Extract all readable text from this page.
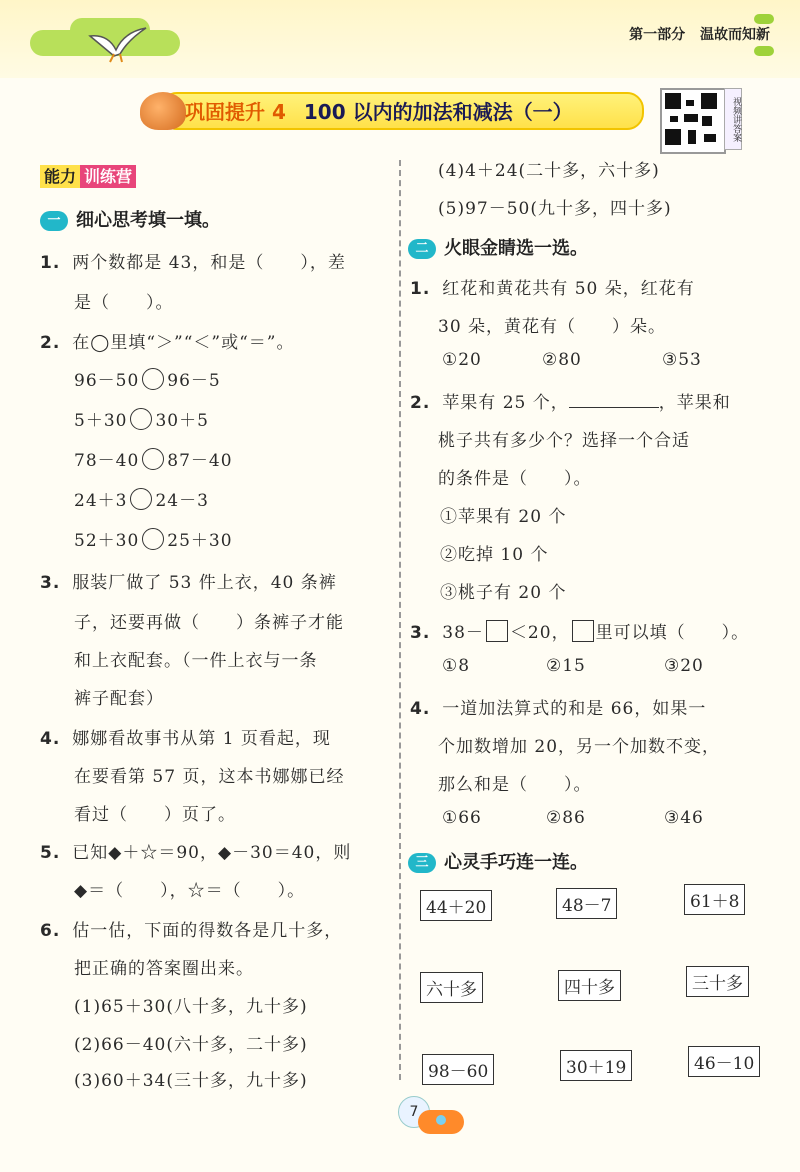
第一部分 温故而知新
巩固提升 4 100 以内的加法和减法（一）	视频讲答案
能力 训练营
一 细心思考填一填。
1. 两个数都是 43，和是（　　），差
是（　　）。
2. 在◯里填“＞”“＜”或“＝”。
96－50 96－5
5＋30 30＋5
78－40 87－40
24＋3 24－3
52＋30 25＋30
3. 服装厂做了 53 件上衣，40 条裤
子，还要再做（　　）条裤子才能
和上衣配套。（一件上衣与一条
裤子配套）
4. 娜娜看故事书从第 1 页看起，现
在要看第 57 页，这本书娜娜已经
看过（　　）页了。
5. 已知◆＋☆＝90，◆－30＝40，则
◆＝（　　），☆＝（　　）。
6. 估一估，下面的得数各是几十多，
把正确的答案圈出来。
(1)65＋30(八十多，九十多)
(2)66－40(六十多，二十多)
(3)60＋34(三十多，九十多)
(4)4＋24(二十多，六十多)
(5)97－50(九十多，四十多)
二 火眼金睛选一选。
1. 红花和黄花共有 50 朵，红花有
30 朵，黄花有（　　）朵。
①20	②80	③53
2. 苹果有 25 个，	，苹果和
桃子共有多少个？选择一个合适
的条件是（　　）。
①苹果有 20 个
②吃掉 10 个
③桃子有 20 个
3. 38－ ＜20， 里可以填（　　）。
①8	②15	③20
4. 一道加法算式的和是 66，如果一
个加数增加 20，另一个加数不变，
那么和是（　　）。
①66	②86	③46
三 心灵手巧连一连。
44＋20	48－7	61＋8
六十多	四十多	三十多
98－60	30＋19	46－10
7
